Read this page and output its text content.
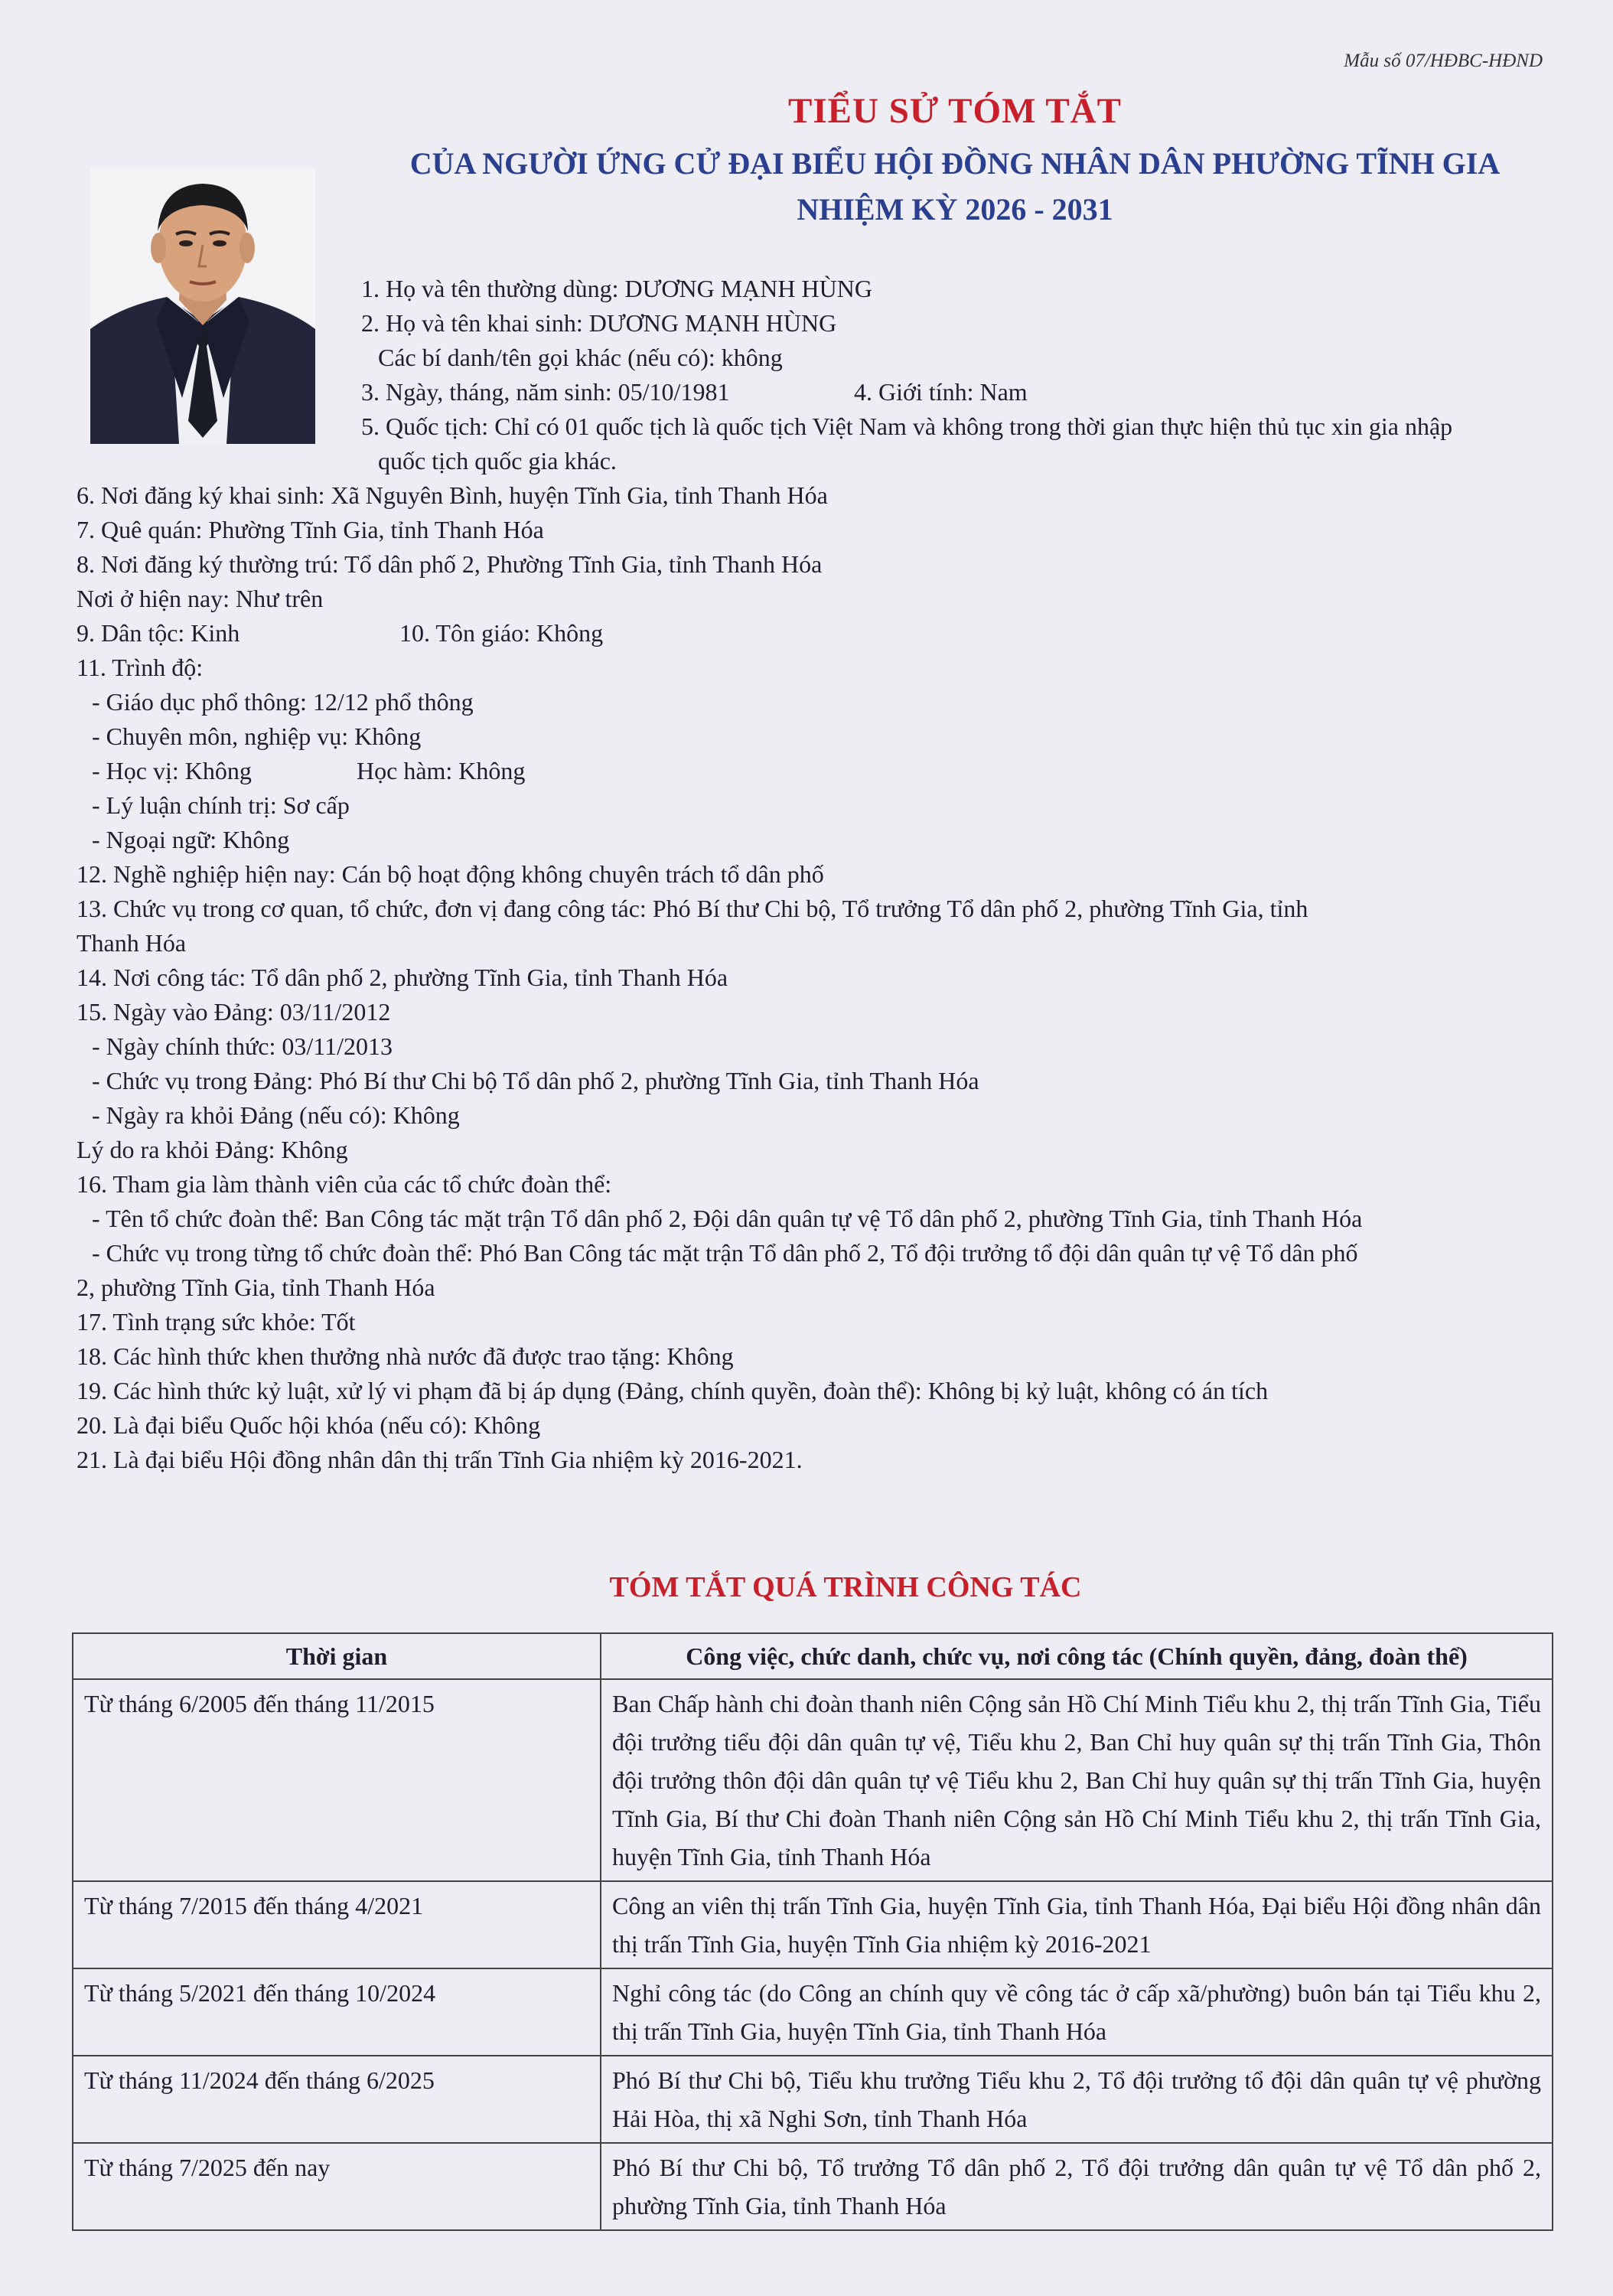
Mẫu số 07/HĐBC-HĐND
TIỂU SỬ TÓM TẮT
CỦA NGƯỜI ỨNG CỬ ĐẠI BIỂU HỘI ĐỒNG NHÂN DÂN PHƯỜNG TĨNH GIA
NHIỆM KỲ 2026 - 2031
1. Họ và tên thường dùng: DƯƠNG MẠNH HÙNG
2. Họ và tên khai sinh: DƯƠNG MẠNH HÙNG
Các bí danh/tên gọi khác (nếu có): không
3. Ngày, tháng, năm sinh: 05/10/1981	4. Giới tính: Nam
5. Quốc tịch: Chỉ có 01 quốc tịch là quốc tịch Việt Nam và không trong thời gian thực hiện thủ tục xin gia nhập
quốc tịch quốc gia khác.
6. Nơi đăng ký khai sinh: Xã Nguyên Bình, huyện Tĩnh Gia, tỉnh Thanh Hóa
7. Quê quán: Phường Tĩnh Gia, tỉnh Thanh Hóa
8. Nơi đăng ký thường trú: Tổ dân phố 2, Phường Tĩnh Gia, tỉnh Thanh Hóa
Nơi ở hiện nay: Như trên
9. Dân tộc: Kinh	10. Tôn giáo: Không
11. Trình độ:
- Giáo dục phổ thông: 12/12 phổ thông
- Chuyên môn, nghiệp vụ: Không
- Học vị: Không	Học hàm: Không
- Lý luận chính trị: Sơ cấp
- Ngoại ngữ: Không
12. Nghề nghiệp hiện nay: Cán bộ hoạt động không chuyên trách tổ dân phố
13. Chức vụ trong cơ quan, tổ chức, đơn vị đang công tác: Phó Bí thư Chi bộ, Tổ trưởng Tổ dân phố 2, phường Tĩnh Gia, tỉnh
Thanh Hóa
14. Nơi công tác: Tổ dân phố 2, phường Tĩnh Gia, tỉnh Thanh Hóa
15. Ngày vào Đảng: 03/11/2012
- Ngày chính thức: 03/11/2013
- Chức vụ trong Đảng: Phó Bí thư Chi bộ Tổ dân phố 2, phường Tĩnh Gia, tỉnh Thanh Hóa
- Ngày ra khỏi Đảng (nếu có): Không
Lý do ra khỏi Đảng: Không
16. Tham gia làm thành viên của các tổ chức đoàn thể:
- Tên tổ chức đoàn thể: Ban Công tác mặt trận Tổ dân phố 2, Đội dân quân tự vệ Tổ dân phố 2, phường Tĩnh Gia, tỉnh Thanh Hóa
- Chức vụ trong từng tổ chức đoàn thể: Phó Ban Công tác mặt trận Tổ dân phố 2, Tổ đội trưởng tổ đội dân quân tự vệ Tổ dân phố
2, phường Tĩnh Gia, tỉnh Thanh Hóa
17. Tình trạng sức khỏe: Tốt
18. Các hình thức khen thưởng nhà nước đã được trao tặng: Không
19. Các hình thức kỷ luật, xử lý vi phạm đã bị áp dụng (Đảng, chính quyền, đoàn thể): Không bị kỷ luật, không có án tích
20. Là đại biểu Quốc hội khóa (nếu có): Không
21. Là đại biểu Hội đồng nhân dân thị trấn Tĩnh Gia nhiệm kỳ 2016-2021.
TÓM TẮT QUÁ TRÌNH CÔNG TÁC
Thời gian	Công việc, chức danh, chức vụ, nơi công tác (Chính quyền, đảng, đoàn thể)
Từ tháng 6/2005 đến tháng 11/2015	Ban Chấp hành chi đoàn thanh niên Cộng sản Hồ Chí Minh Tiểu khu 2, thị trấn Tĩnh Gia, Tiểu đội trưởng tiểu đội dân quân tự vệ, Tiểu khu 2, Ban Chỉ huy quân sự thị trấn Tĩnh Gia, Thôn đội trưởng thôn đội dân quân tự vệ Tiểu khu 2, Ban Chỉ huy quân sự thị trấn Tĩnh Gia, huyện Tĩnh Gia, Bí thư Chi đoàn Thanh niên Cộng sản Hồ Chí Minh Tiểu khu 2, thị trấn Tĩnh Gia, huyện Tĩnh Gia, tỉnh Thanh Hóa
Từ tháng 7/2015 đến tháng 4/2021	Công an viên thị trấn Tĩnh Gia, huyện Tĩnh Gia, tỉnh Thanh Hóa, Đại biểu Hội đồng nhân dân thị trấn Tĩnh Gia, huyện Tĩnh Gia nhiệm kỳ 2016-2021
Từ tháng 5/2021 đến tháng 10/2024	Nghỉ công tác (do Công an chính quy về công tác ở cấp xã/phường) buôn bán tại Tiểu khu 2, thị trấn Tĩnh Gia, huyện Tĩnh Gia, tỉnh Thanh Hóa
Từ tháng 11/2024 đến tháng 6/2025	Phó Bí thư Chi bộ, Tiểu khu trưởng Tiểu khu 2, Tổ đội trưởng tổ đội dân quân tự vệ phường Hải Hòa, thị xã Nghi Sơn, tỉnh Thanh Hóa
Từ tháng 7/2025 đến nay	Phó Bí thư Chi bộ, Tổ trưởng Tổ dân phố 2, Tổ đội trưởng dân quân tự vệ Tổ dân phố 2, phường Tĩnh Gia, tỉnh Thanh Hóa
